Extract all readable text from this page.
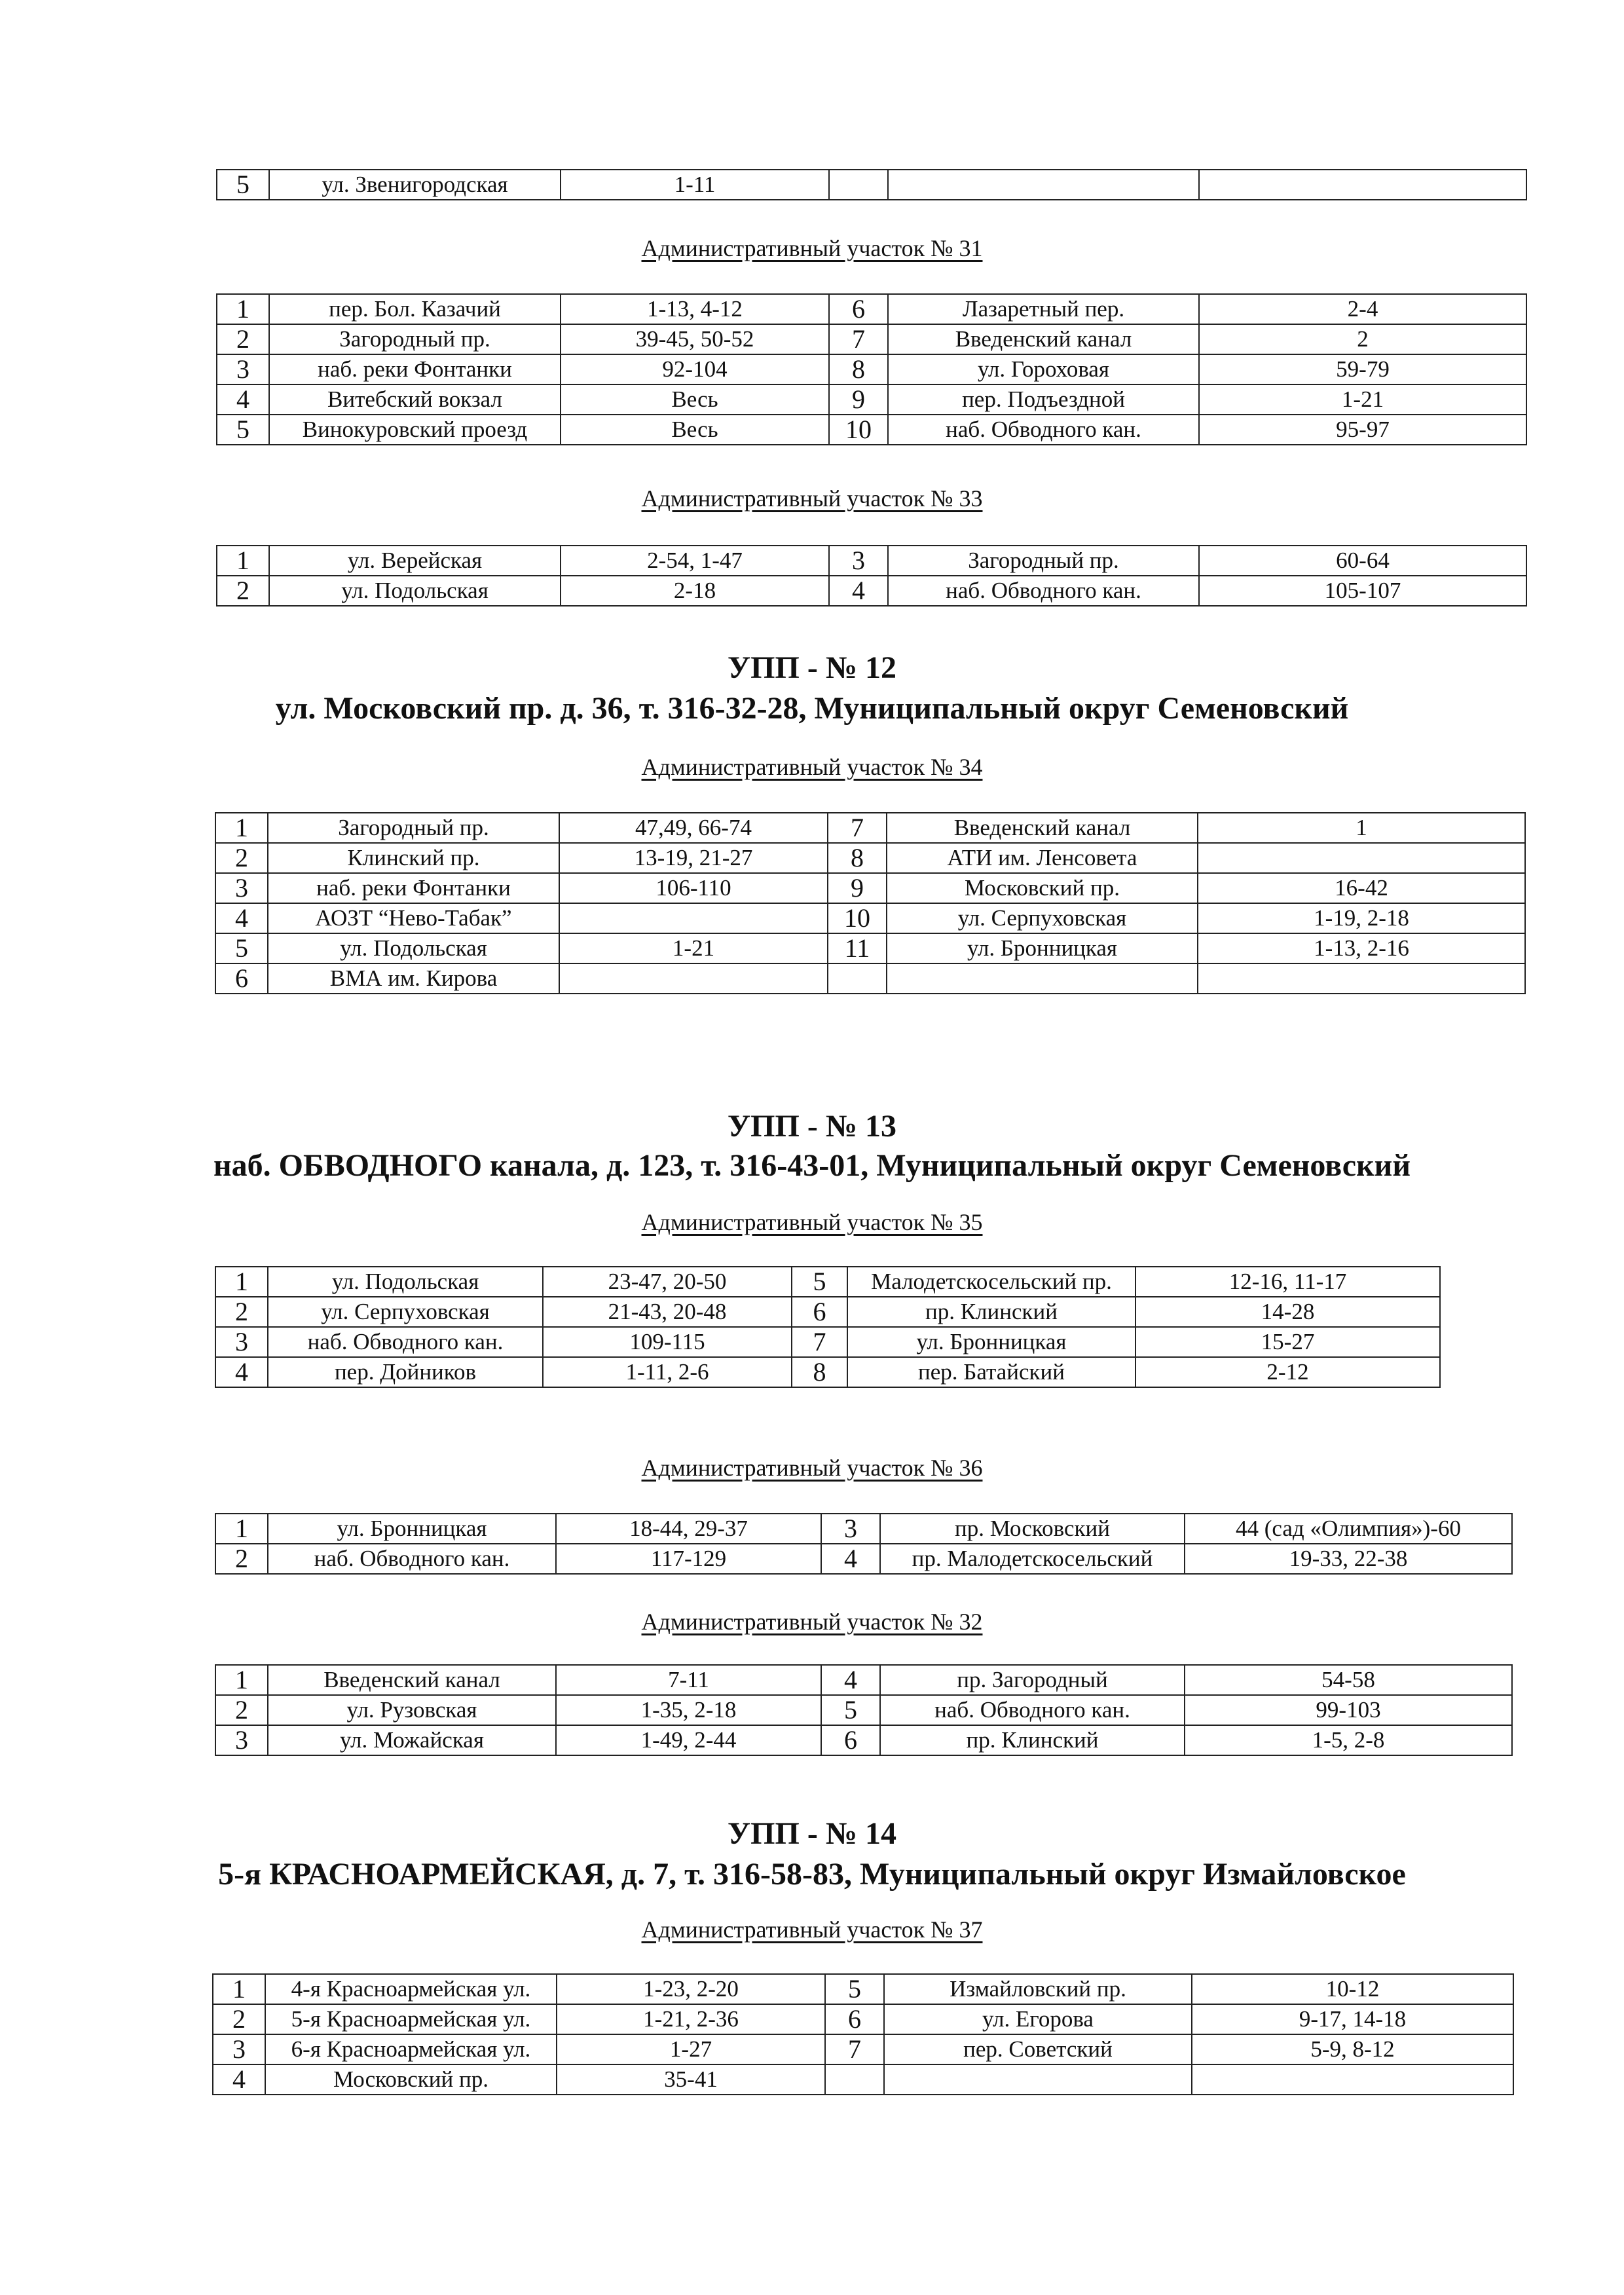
5	ул. Звенигородская	1-11			
Административный участок № 31
1	пер. Бол. Казачий	1-13, 4-12	6	Лазаретный пер.	2-4
2	Загородный пр.	39-45, 50-52	7	Введенский канал	2
3	наб. реки Фонтанки	92-104	8	ул. Гороховая	59-79
4	Витебский вокзал	Весь	9	пер. Подъездной	1-21
5	Винокуровский проезд	Весь	10	наб. Обводного кан.	95-97
Административный участок № 33
1	ул. Верейская	2-54, 1-47	3	Загородный пр.	60-64
2	ул. Подольская	2-18	4	наб. Обводного кан.	105-107
УПП - № 12
ул. Московский пр. д. 36, т. 316-32-28, Муниципальный округ Семеновский
Административный участок № 34
1	Загородный пр.	47,49, 66-74	7	Введенский канал	1
2	Клинский пр.	13-19, 21-27	8	АТИ им. Ленсовета	
3	наб. реки Фонтанки	106-110	9	Московский пр.	16-42
4	АОЗТ “Нево-Табак”		10	ул. Серпуховская	1-19, 2-18
5	ул. Подольская	1-21	11	ул. Бронницкая	1-13, 2-16
6	ВМА им. Кирова				
УПП - № 13
наб. ОБВОДНОГО канала, д. 123, т. 316-43-01, Муниципальный округ Семеновский
Административный участок № 35
1	ул. Подольская	23-47, 20-50	5	Малодетскосельский пр.	12-16, 11-17
2	ул. Серпуховская	21-43, 20-48	6	пр. Клинский	14-28
3	наб. Обводного кан.	109-115	7	ул. Бронницкая	15-27
4	пер. Дойников	1-11, 2-6	8	пер. Батайский	2-12
Административный участок № 36
1	ул. Бронницкая	18-44, 29-37	3	пр. Московский	44 (сад «Олимпия»)-60
2	наб. Обводного кан.	117-129	4	пр. Малодетскосельский	19-33, 22-38
Административный участок № 32
1	Введенский канал	7-11	4	пр. Загородный	54-58
2	ул. Рузовская	1-35, 2-18	5	наб. Обводного кан.	99-103
3	ул. Можайская	1-49, 2-44	6	пр. Клинский	1-5, 2-8
УПП - № 14
5-я КРАСНОАРМЕЙСКАЯ, д. 7, т. 316-58-83, Муниципальный округ Измайловское
Административный участок № 37
1	4-я Красноармейская ул.	1-23, 2-20	5	Измайловский пр.	10-12
2	5-я Красноармейская ул.	1-21, 2-36	6	ул. Егорова	9-17, 14-18
3	6-я Красноармейская ул.	1-27	7	пер. Советский	5-9, 8-12
4	Московский пр.	35-41			
